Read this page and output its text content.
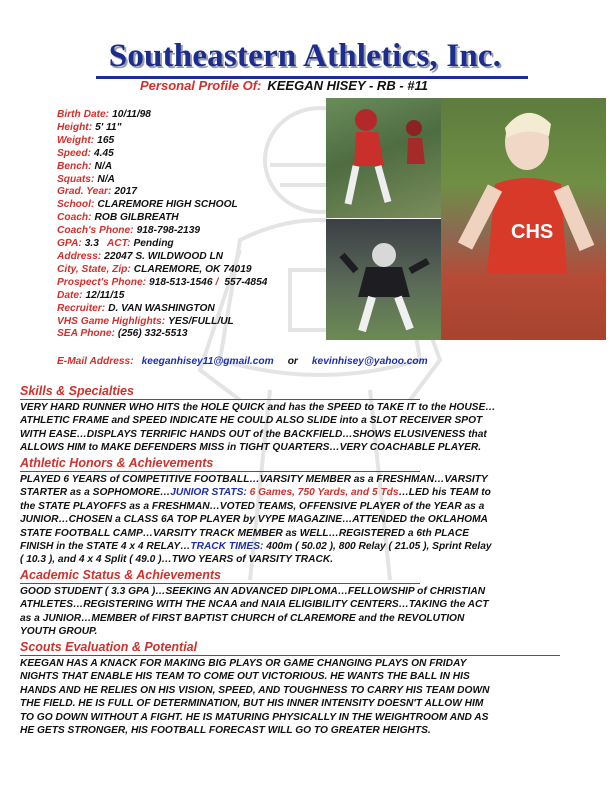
Southeastern Athletics, Inc.
Personal Profile Of: KEEGAN HISEY - RB - #11
Birth Date: 10/11/98
Height: 5' 11"
Weight: 165
Speed: 4.45
Bench: N/A
Squats: N/A
Grad. Year: 2017
School: CLAREMORE HIGH SCHOOL
Coach: ROB GILBREATH
Coach's Phone: 918-798-2139
GPA: 3.3 ACT: Pending
Address: 22047 S. WILDWOOD LN
City, State, Zip: CLAREMORE, OK 74019
Prospect's Phone: 918-513-1546 / 557-4854
Date: 12/11/15
Recruiter: D. VAN WASHINGTON
VHS Game Highlights: YES/FULL/UL
SEA Phone: (256) 332-5513
E-Mail Address: keeganhisey11@gmail.com or kevinhisey@yahoo.com
CHS
Skills & Specialties
VERY HARD RUNNER WHO HITS the HOLE QUICK and has the SPEED to TAKE IT to the HOUSE…
ATHLETIC FRAME and SPEED INDICATE HE COULD ALSO SLIDE into a SLOT RECEIVER SPOT
WITH EASE…DISPLAYS TERRIFIC HANDS OUT of the BACKFIELD…SHOWS ELUSIVENESS that
ALLOWS HIM to MAKE DEFENDERS MISS in TIGHT QUARTERS…VERY COACHABLE PLAYER.
Athletic Honors & Achievements
PLAYED 6 YEARS of COMPETITIVE FOOTBALL…VARSITY MEMBER as a FRESHMAN…VARSITY
STARTER as a SOPHOMORE…JUNIOR STATS: 6 Games, 750 Yards, and 5 Tds…LED his TEAM to
the STATE PLAYOFFS as a FRESHMAN…VOTED TEAMS, OFFENSIVE PLAYER of the YEAR as a
JUNIOR…CHOSEN a CLASS 6A TOP PLAYER by VYPE MAGAZINE…ATTENDED the OKLAHOMA
STATE FOOTBALL CAMP…VARSITY TRACK MEMBER as WELL…REGISTERED a 6th PLACE
FINISH in the STATE 4 x 4 RELAY…TRACK TIMES: 400m ( 50.02 ), 800 Relay ( 21.05 ), Sprint Relay
( 10.3 ), and 4 x 4 Split ( 49.0 )…TWO YEARS of VARSITY TRACK.
Academic Status & Achievements
GOOD STUDENT ( 3.3 GPA )…SEEKING AN ADVANCED DIPLOMA…FELLOWSHIP of CHRISTIAN
ATHLETES…REGISTERING WITH THE NCAA and NAIA ELIGIBILITY CENTERS…TAKING the ACT
as a JUNIOR…MEMBER of FIRST BAPTIST CHURCH of CLAREMORE and the REVOLUTION
YOUTH GROUP.
Scouts Evaluation & Potential
KEEGAN HAS A KNACK FOR MAKING BIG PLAYS OR GAME CHANGING PLAYS ON FRIDAY
NIGHTS THAT ENABLE HIS TEAM TO COME OUT VICTORIOUS. HE WANTS THE BALL IN HIS
HANDS AND HE RELIES ON HIS VISION, SPEED, AND TOUGHNESS TO CARRY HIS TEAM DOWN
THE FIELD. HE IS FULL OF DETERMINATION, BUT HIS INNER INTENSITY DOESN'T ALLOW HIM
TO GO DOWN WITHOUT A FIGHT. HE IS MATURING PHYSICALLY IN THE WEIGHTROOM AND AS
HE GETS STRONGER, HIS FOOTBALL FORECAST WILL GO TO GREATER HEIGHTS.
